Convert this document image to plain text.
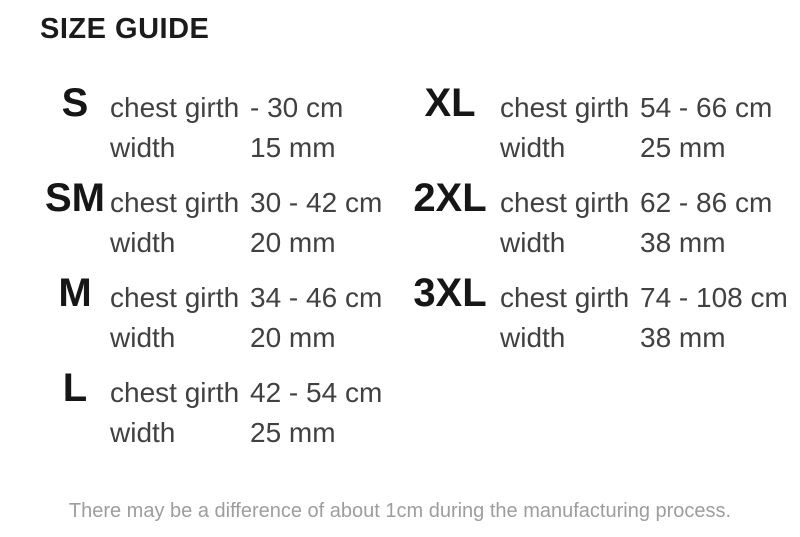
SIZE GUIDE
S chest girth - 30 cm
width	15 mm
SM chest girth 30 - 42 cm
width	20 mm
M chest girth 34 - 46 cm
width	20 mm
L chest girth 42 - 54 cm
width	25 mm
XL chest girth 54 - 66 cm
width	25 mm
2XL chest girth 62 - 86 cm
width	38 mm
3XL chest girth 74 - 108 cm
width	38 mm
There may be a difference of about 1cm during the manufacturing process.
